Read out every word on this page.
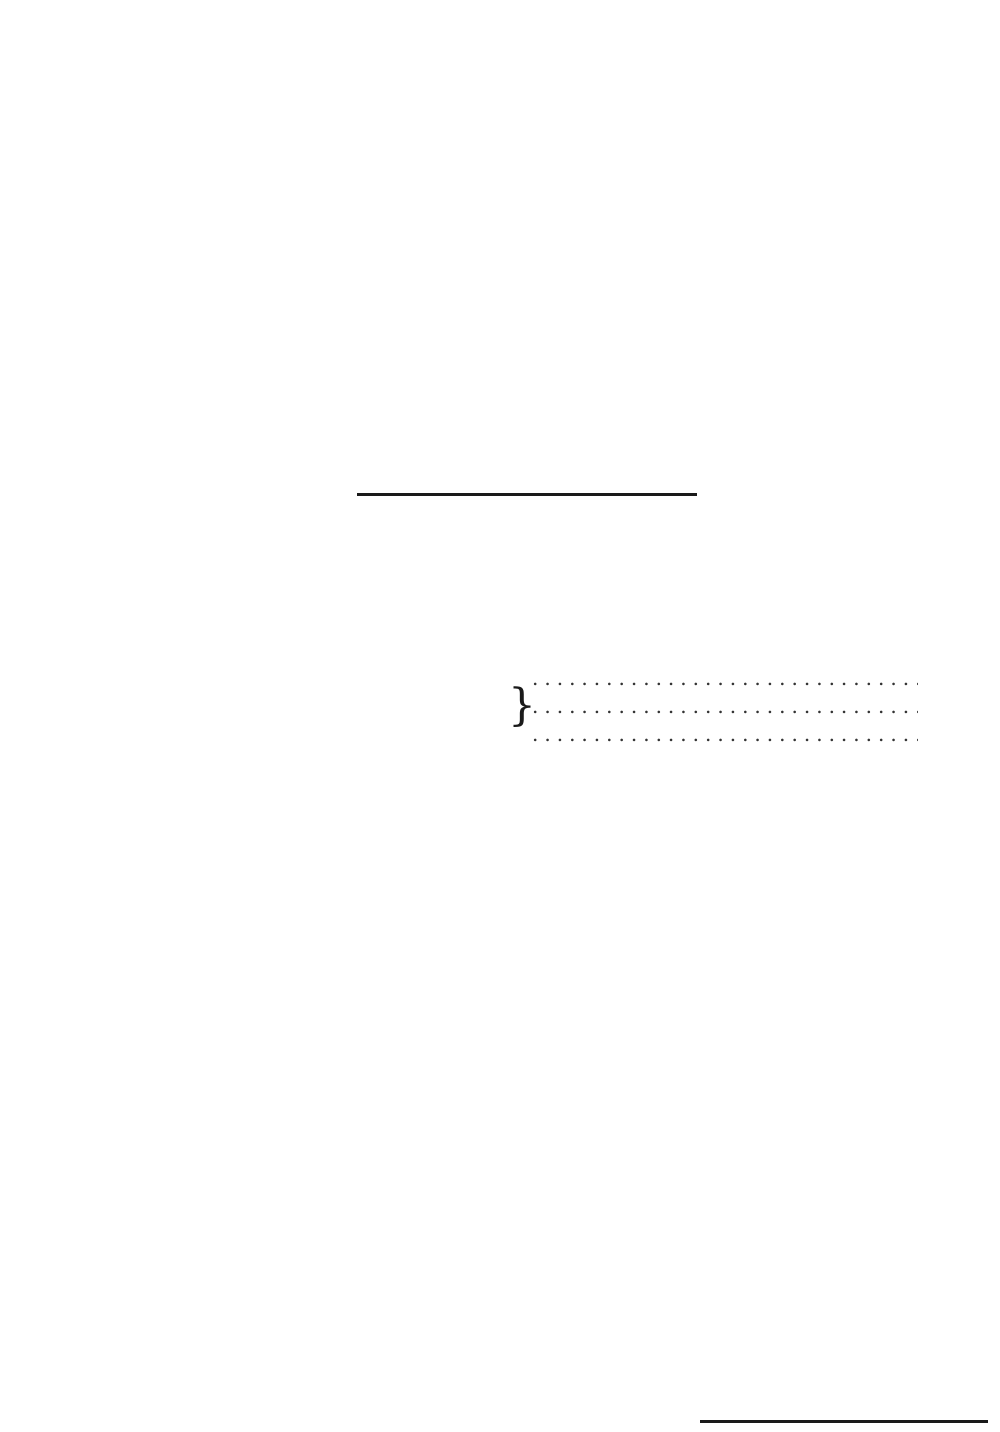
}
.....
.....
.....
